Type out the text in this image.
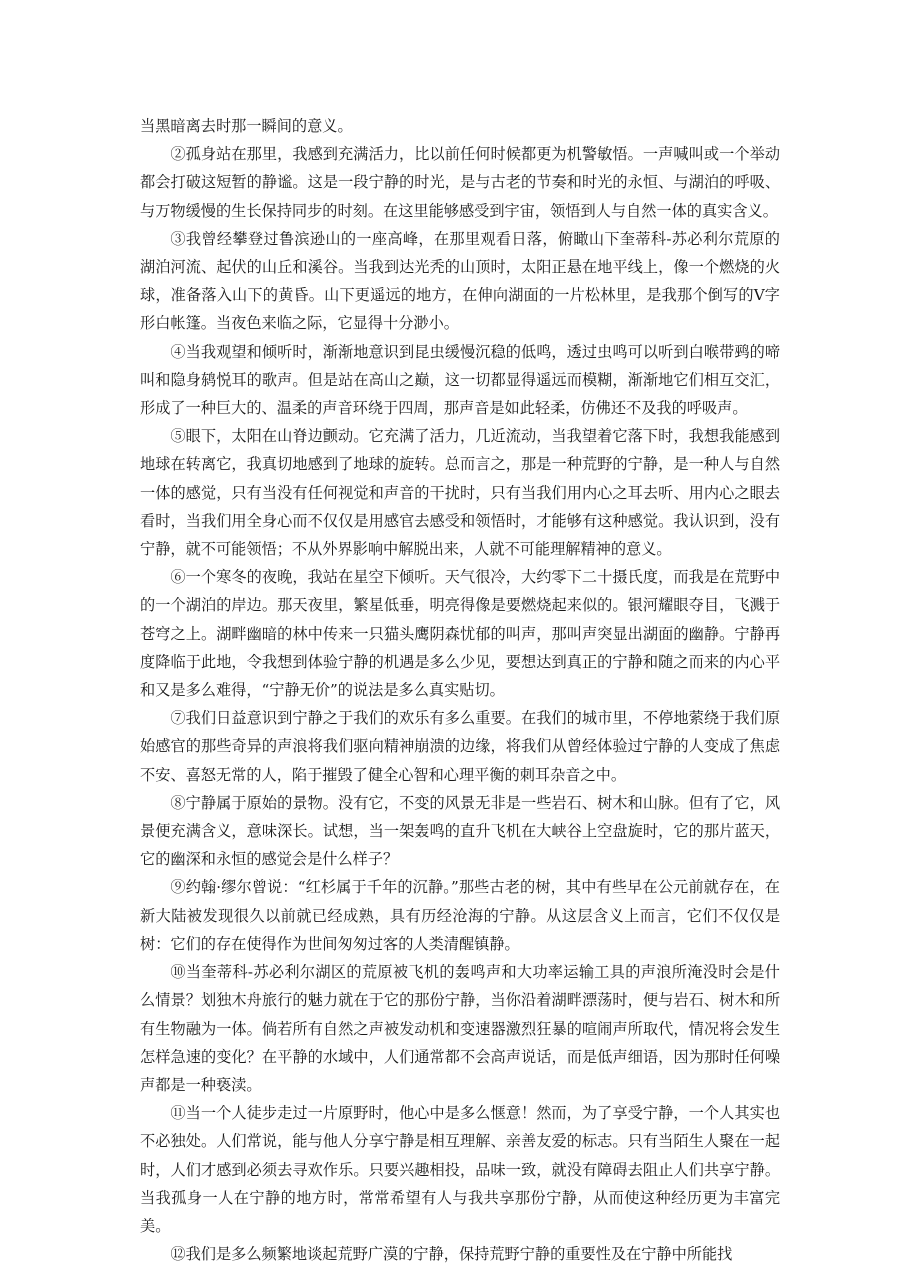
当黑暗离去时那一瞬间的意义。

②孤身站在那里，我感到充满活力，比以前任何时候都更为机警敏悟。一声喊叫或一个举动都会打破这短暂的静谧。这是一段宁静的时光，是与古老的节奏和时光的永恒、与湖泊的呼吸、与万物缓慢的生长保持同步的时刻。在这里能够感受到宇宙，领悟到人与自然一体的真实含义。

③我曾经攀登过鲁滨逊山的一座高峰，在那里观看日落，俯瞰山下奎蒂科-苏必利尔荒原的湖泊河流、起伏的山丘和溪谷。当我到达光秃的山顶时，太阳正悬在地平线上，像一个燃烧的火球，准备落入山下的黄昏。山下更遥远的地方，在伸向湖面的一片松林里，是我那个倒写的V字形白帐篷。当夜色来临之际，它显得十分渺小。

④当我观望和倾听时，渐渐地意识到昆虫缓慢沉稳的低鸣，透过虫鸣可以听到白喉带鹀的啼叫和隐身鸫悦耳的歌声。但是站在高山之巅，这一切都显得遥远而模糊，渐渐地它们相互交汇，形成了一种巨大的、温柔的声音环绕于四周，那声音是如此轻柔，仿佛还不及我的呼吸声。

⑤眼下，太阳在山脊边颤动。它充满了活力，几近流动，当我望着它落下时，我想我能感到地球在转离它，我真切地感到了地球的旋转。总而言之，那是一种荒野的宁静，是一种人与自然一体的感觉，只有当没有任何视觉和声音的干扰时，只有当我们用内心之耳去听、用内心之眼去看时，当我们用全身心而不仅仅是用感官去感受和领悟时，才能够有这种感觉。我认识到，没有宁静，就不可能领悟；不从外界影响中解脱出来，人就不可能理解精神的意义。

⑥一个寒冬的夜晚，我站在星空下倾听。天气很冷，大约零下二十摄氏度，而我是在荒野中的一个湖泊的岸边。那天夜里，繁星低垂，明亮得像是要燃烧起来似的。银河耀眼夺目，飞溅于苍穹之上。湖畔幽暗的林中传来一只猫头鹰阴森忧郁的叫声，那叫声突显出湖面的幽静。宁静再度降临于此地，令我想到体验宁静的机遇是多么少见，要想达到真正的宁静和随之而来的内心平和又是多么难得，“宁静无价”的说法是多么真实贴切。

⑦我们日益意识到宁静之于我们的欢乐有多么重要。在我们的城市里，不停地萦绕于我们原始感官的那些奇异的声浪将我们驱向精神崩溃的边缘，将我们从曾经体验过宁静的人变成了焦虑不安、喜怒无常的人，陷于摧毁了健全心智和心理平衡的刺耳杂音之中。

⑧宁静属于原始的景物。没有它，不变的风景无非是一些岩石、树木和山脉。但有了它，风景便充满含义，意味深长。试想，当一架轰鸣的直升飞机在大峡谷上空盘旋时，它的那片蓝天，它的幽深和永恒的感觉会是什么样子？

⑨约翰·缪尔曾说：“红杉属于千年的沉静。”那些古老的树，其中有些早在公元前就存在，在新大陆被发现很久以前就已经成熟，具有历经沧海的宁静。从这层含义上而言，它们不仅仅是树：它们的存在使得作为世间匆匆过客的人类清醒镇静。

⑩当奎蒂科-苏必利尔湖区的荒原被飞机的轰鸣声和大功率运输工具的声浪所淹没时会是什么情景？划独木舟旅行的魅力就在于它的那份宁静，当你沿着湖畔漂荡时，便与岩石、树木和所有生物融为一体。倘若所有自然之声被发动机和变速器激烈狂暴的喧闹声所取代，情况将会发生怎样急速的变化？在平静的水域中，人们通常都不会高声说话，而是低声细语，因为那时任何噪声都是一种亵渎。

⑪当一个人徒步走过一片原野时，他心中是多么惬意！然而，为了享受宁静，一个人其实也不必独处。人们常说，能与他人分享宁静是相互理解、亲善友爱的标志。只有当陌生人聚在一起时，人们才感到必须去寻欢作乐。只要兴趣相投，品味一致，就没有障碍去阻止人们共享宁静。当我孤身一人在宁静的地方时，常常希望有人与我共享那份宁静，从而使这种经历更为丰富完美。

⑫我们是多么频繁地谈起荒野广漠的宁静，保持荒野宁静的重要性及在宁静中所能找
